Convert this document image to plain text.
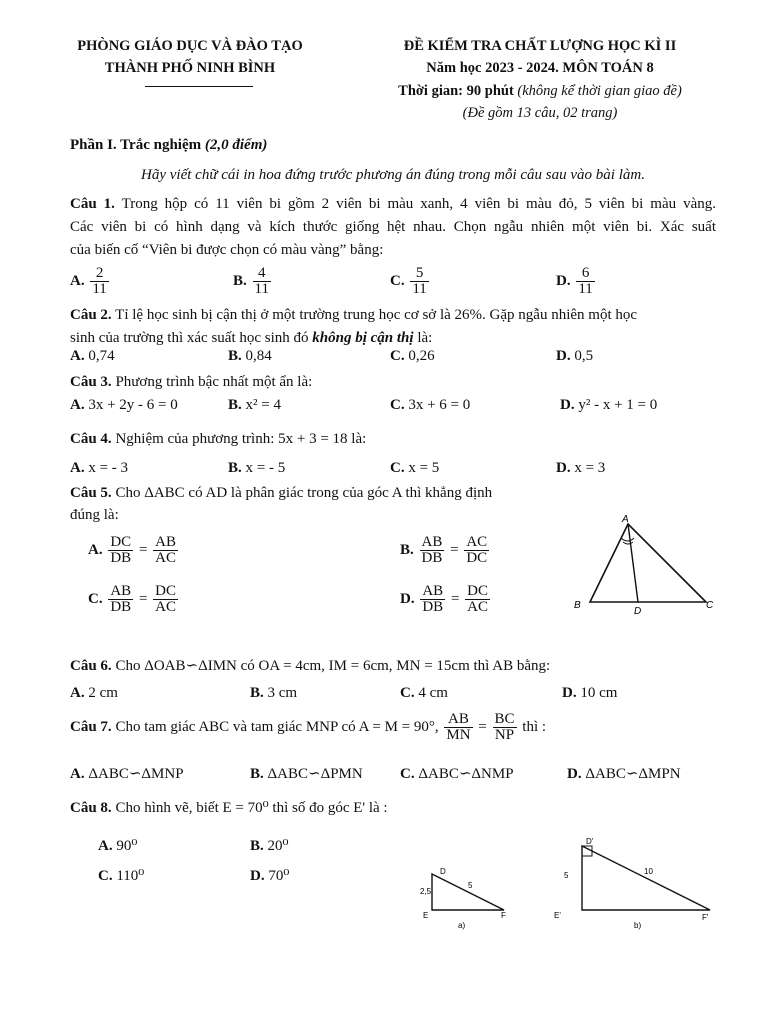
PHÒNG GIÁO DỤC VÀ ĐÀO TẠO
THÀNH PHỐ NINH BÌNH
ĐỀ KIỂM TRA CHẤT LƯỢNG HỌC KÌ II
Năm học 2023 - 2024. MÔN TOÁN 8
Thời gian: 90 phút (không kể thời gian giao đề)
(Đề gồm 13 câu, 02 trang)
Phần I. Trắc nghiệm (2,0 điểm)
Hãy viết chữ cái in hoa đứng trước phương án đúng trong mỗi câu sau vào bài làm.
Câu 1. Trong hộp có 11 viên bi gồm 2 viên bi màu xanh, 4 viên bi màu đỏ, 5 viên bi màu vàng.
Các viên bi có hình dạng và kích thước giống hệt nhau. Chọn ngẫu nhiên một viên bi. Xác suất
của biến cố “Viên bi được chọn có màu vàng” bằng:
A. $\frac{2}{11}$	B. $\frac{4}{11}$	C. $\frac{5}{11}$	D. $\frac{6}{11}$
Câu 2. Tỉ lệ học sinh bị cận thị ở một trường trung học cơ sở là 26%. Gặp ngẫu nhiên một học
sinh của trường thì xác suất học sinh đó không bị cận thị là:
A. 0,74	B. 0,84	C. 0,26	D. 0,5
Câu 3. Phương trình bậc nhất một ẩn là:
A. 3x + 2y - 6 = 0	B. x² = 4	C. 3x + 6 = 0	D. y² - x + 1 = 0
Câu 4. Nghiệm của phương trình: 5x + 3 = 18 là:
A. x = - 3	B. x = - 5	C. x = 5	D. x = 3
Câu 5. Cho ΔABC có AD là phân giác trong của góc A thì khẳng định
đúng là:
A. $\frac{DC}{DB} = \frac{AB}{AC}$	B. $\frac{AB}{DB} = \frac{AC}{DC}$
C. $\frac{AB}{DB} = \frac{DC}{AC}$	D. $\frac{AB}{DB} = \frac{DC}{AC}$
A
B	C
D
Câu 6. Cho ΔOAB∽ΔIMN có OA = 4cm, IM = 6cm, MN = 15cm thì AB bằng:
A. 2 cm	B. 3 cm	C. 4 cm	D. 10 cm
Câu 7. Cho tam giác ABC và tam giác MNP có A = M = 90°, $\frac{AB}{MN} = \frac{BC}{NP}$ thì :
A. ΔABC∽ΔMNP	B. ΔABC∽ΔPMN C. ΔABC∽ΔNMP	D. ΔABC∽ΔMPN
Câu 8. Cho hình vẽ, biết E = 70⁰ thì số đo góc E' là :
A. 90⁰	B. 20⁰
C. 110⁰	D. 70⁰	D
E	F
2,5
5
a)
D'
E'	F'
5	10
b)
